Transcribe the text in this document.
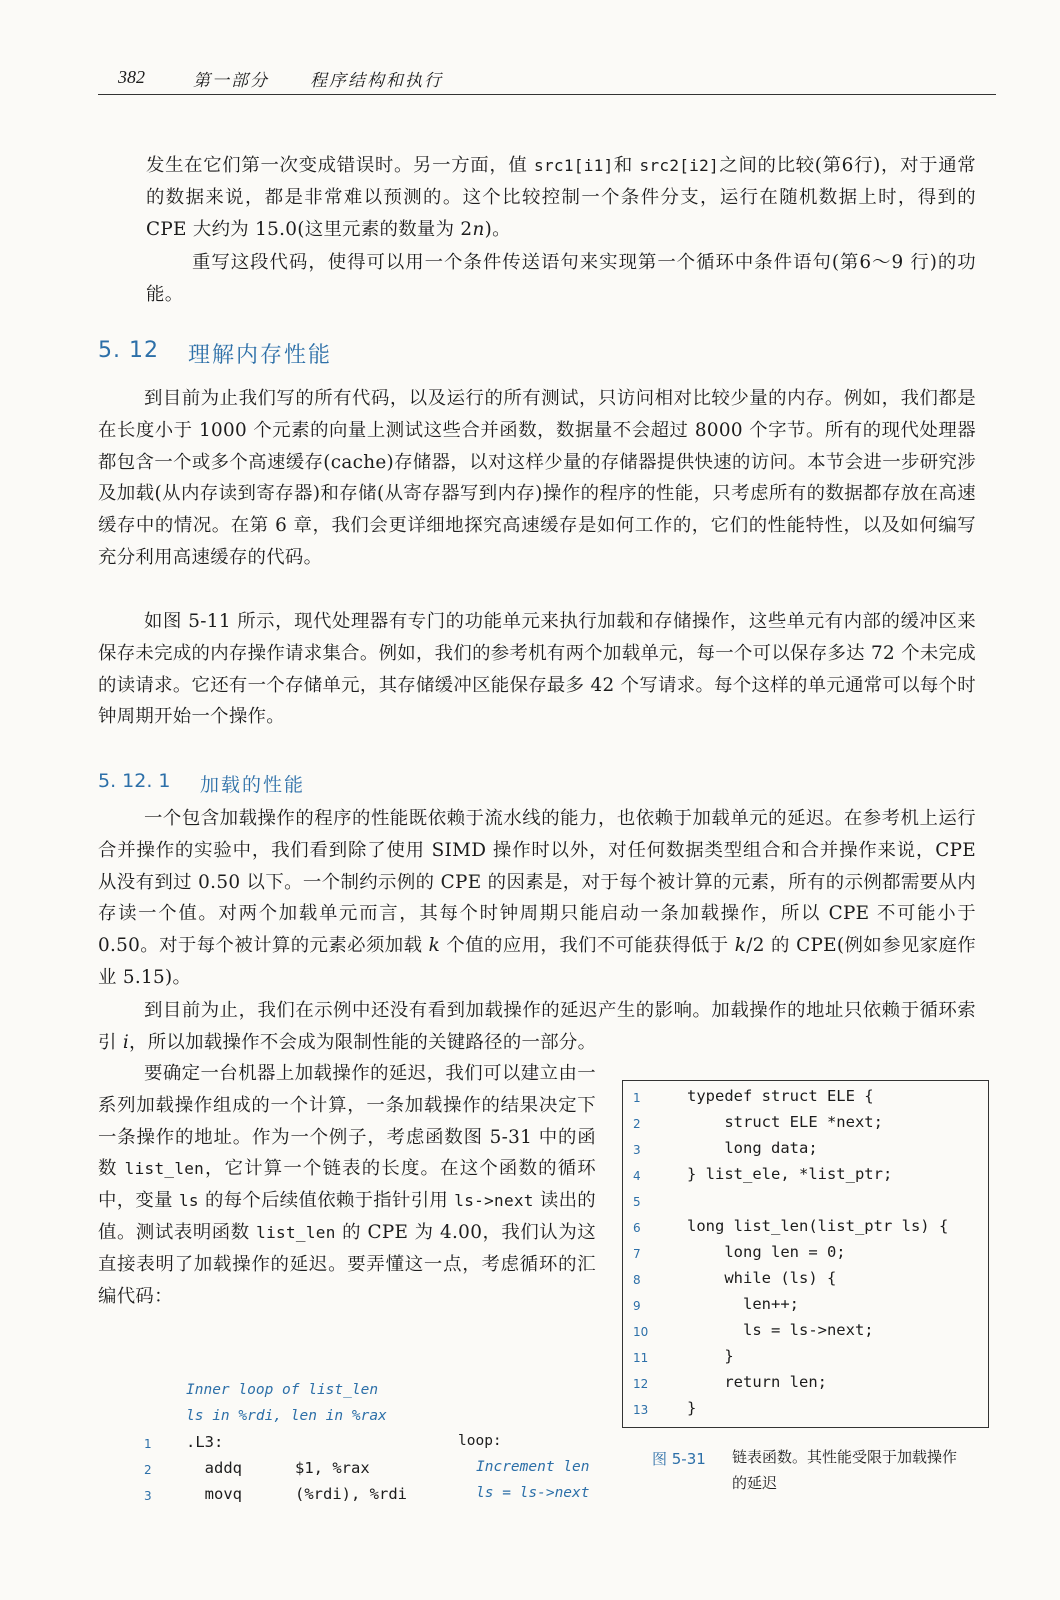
382	第一部分 程序结构和执行

发生在它们第一次变成错误时。另一方面，值 src1[i1]和 src2[i2]之间的比较(第6行)，对于通常的数据来说，都是非常难以预测的。这个比较控制一个条件分支，运行在随机数据上时，得到的 CPE 大约为 15.0(这里元素的数量为 2n)。

重写这段代码，使得可以用一个条件传送语句来实现第一个循环中条件语句(第6～9 行)的功能。

5. 12 理解内存性能

到目前为止我们写的所有代码，以及运行的所有测试，只访问相对比较少量的内存。例如，我们都是在长度小于 1000 个元素的向量上测试这些合并函数，数据量不会超过 8000 个字节。所有的现代处理器都包含一个或多个高速缓存(cache)存储器，以对这样少量的存储器提供快速的访问。本节会进一步研究涉及加载(从内存读到寄存器)和存储(从寄存器写到内存)操作的程序的性能，只考虑所有的数据都存放在高速缓存中的情况。在第 6 章，我们会更详细地探究高速缓存是如何工作的，它们的性能特性，以及如何编写充分利用高速缓存的代码。

如图 5-11 所示，现代处理器有专门的功能单元来执行加载和存储操作，这些单元有内部的缓冲区来保存未完成的内存操作请求集合。例如，我们的参考机有两个加载单元，每一个可以保存多达 72 个未完成的读请求。它还有一个存储单元，其存储缓冲区能保存最多 42 个写请求。每个这样的单元通常可以每个时钟周期开始一个操作。

5. 12. 1 加载的性能

一个包含加载操作的程序的性能既依赖于流水线的能力，也依赖于加载单元的延迟。在参考机上运行合并操作的实验中，我们看到除了使用 SIMD 操作时以外，对任何数据类型组合和合并操作来说，CPE 从没有到过 0.50 以下。一个制约示例的 CPE 的因素是，对于每个被计算的元素，所有的示例都需要从内存读一个值。对两个加载单元而言，其每个时钟周期只能启动一条加载操作，所以 CPE 不可能小于 0.50。对于每个被计算的元素必须加载 k 个值的应用，我们不可能获得低于 k/2 的 CPE(例如参见家庭作业 5.15)。

到目前为止，我们在示例中还没有看到加载操作的延迟产生的影响。加载操作的地址只依赖于循环索引 i，所以加载操作不会成为限制性能的关键路径的一部分。

要确定一台机器上加载操作的延迟，我们可以建立由一系列加载操作组成的一个计算，一条加载操作的结果决定下一条操作的地址。作为一个例子，考虑函数图 5-31 中的函数 list_len，它计算一个链表的长度。在这个函数的循环中，变量 ls 的每个后续值依赖于指针引用 ls->next 读出的值。测试表明函数 list_len 的 CPE 为 4.00，我们认为这直接表明了加载操作的延迟。要弄懂这一点，考虑循环的汇编代码：

1	typedef struct ELE {
2	struct ELE *next;
3	long data;
4	} list_ele, *list_ptr;
5
6	long list_len(list_ptr ls) {
7	long len = 0;
8	while (ls) {
9	len++;
10	ls = ls->next;
11	}
12	return len;
13	}
图 5-31 链表函数。其性能受限于加载操作的延迟
Inner loop of list_len
ls in %rdi, len in %rax
1 .L3:	loop:
2 addq	$1, %rax	Increment len
3 movq	(%rdi), %rdi	ls = ls->next
